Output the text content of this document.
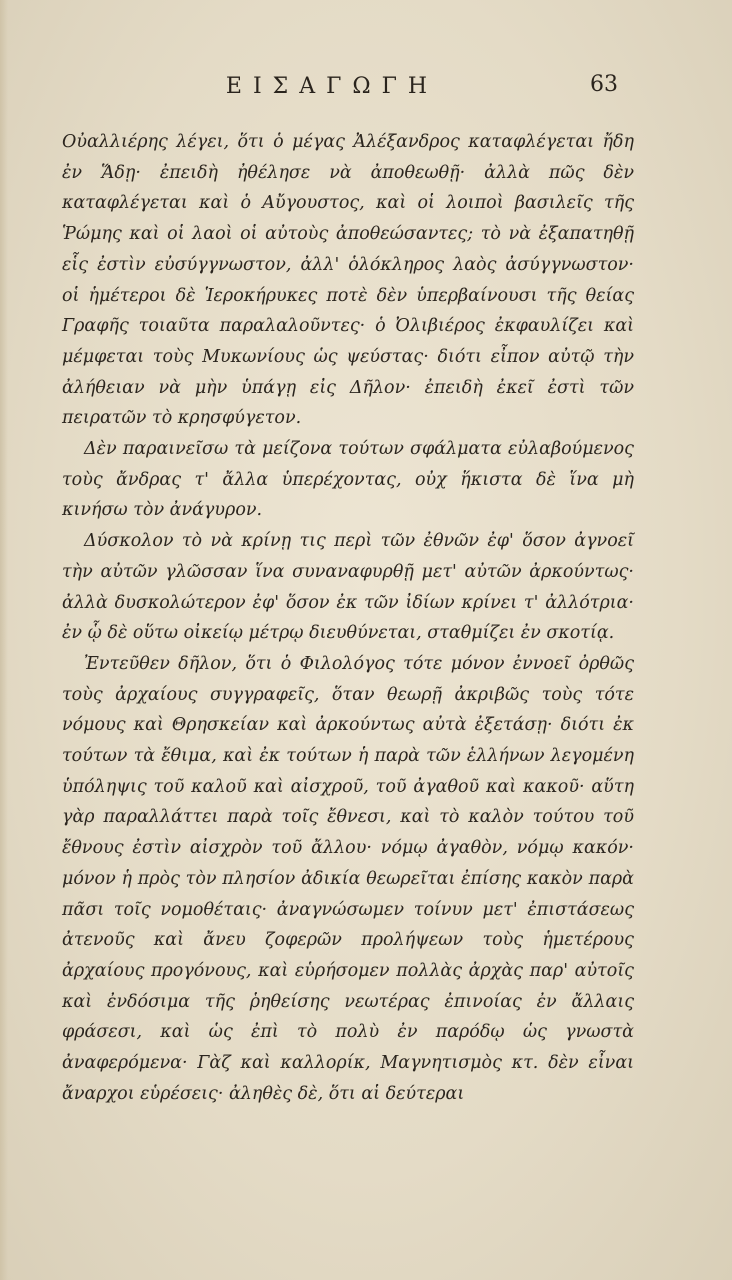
ΕΙΣΑΓΩΓΗ	63

Οὐαλλιέρης λέγει, ὅτι ὁ μέγας Ἀλέξανδρος καταφλέγεται ἤδη ἐν Ἅδῃ· ἐπειδὴ ἠθέλησε νὰ ἀποθεωθῇ· ἀλλὰ πῶς δὲν καταφλέγεται καὶ ὁ Αὔγουστος, καὶ οἱ λοιποὶ βασιλεῖς τῆς Ῥώμης καὶ οἱ λαοὶ οἱ αὐτοὺς ἀποθεώσαντες; τὸ νὰ ἐξαπατηθῇ εἷς ἐστὶν εὐσύγγνωστον, ἀλλ' ὁλόκληρος λαὸς ἀσύγγνωστον· οἱ ἡμέτεροι δὲ Ἱεροκήρυκες ποτὲ δὲν ὑπερβαίνουσι τῆς θείας Γραφῆς τοιαῦτα παραλαλοῦντες· ὁ Ὀλιβιέρος ἐκφαυλίζει καὶ μέμφεται τοὺς Μυκωνίους ὡς ψεύστας· διότι εἶπον αὐτῷ τὴν ἀλήθειαν νὰ μὴν ὑπάγῃ εἰς Δῆλον· ἐπειδὴ ἐκεῖ ἐστὶ τῶν πειρατῶν τὸ κρησφύγετον.

Δὲν παραινεῖσω τὰ μείζονα τούτων σφάλματα εὐλαβούμενος τοὺς ἄνδρας τ' ἄλλα ὑπερέχοντας, οὐχ ἥκιστα δὲ ἵνα μὴ κινήσω τὸν ἀνάγυρον.

Δύσκολον τὸ νὰ κρίνῃ τις περὶ τῶν ἐθνῶν ἐφ' ὅσον ἀγνοεῖ τὴν αὐτῶν γλῶσσαν ἵνα συναναφυρθῇ μετ' αὐτῶν ἀρκούντως· ἀλλὰ δυσκολώτερον ἐφ' ὅσον ἐκ τῶν ἰδίων κρίνει τ' ἀλλότρια· ἐν ᾧ δὲ οὕτω οἰκείῳ μέτρῳ διευθύνεται, σταθμίζει ἐν σκοτίᾳ.

Ἐντεῦθεν δῆλον, ὅτι ὁ Φιλολόγος τότε μόνον ἐννοεῖ ὀρθῶς τοὺς ἀρχαίους συγγραφεῖς, ὅταν θεωρῇ ἀκριβῶς τοὺς τότε νόμους καὶ Θρησκείαν καὶ ἀρκούντως αὐτὰ ἐξετάσῃ· διότι ἐκ τούτων τὰ ἔθιμα, καὶ ἐκ τούτων ἡ παρὰ τῶν ἑλλήνων λεγομένη ὑπόληψις τοῦ καλοῦ καὶ αἰσχροῦ, τοῦ ἀγαθοῦ καὶ κακοῦ· αὕτη γὰρ παραλλάττει παρὰ τοῖς ἔθνεσι, καὶ τὸ καλὸν τούτου τοῦ ἔθνους ἐστὶν αἰσχρὸν τοῦ ἄλλου· νόμῳ ἀγαθὸν, νόμῳ κακόν· μόνον ἡ πρὸς τὸν πλησίον ἀδικία θεωρεῖται ἐπίσης κακὸν παρὰ πᾶσι τοῖς νομοθέταις· ἀναγνώσωμεν τοίνυν μετ' ἐπιστάσεως ἀτενοῦς καὶ ἄνευ ζοφερῶν προλήψεων τοὺς ἡμετέρους ἀρχαίους προγόνους, καὶ εὑρήσομεν πολλὰς ἀρχὰς παρ' αὐτοῖς καὶ ἐνδόσιμα τῆς ῥηθείσης νεωτέρας ἐπινοίας ἐν ἄλλαις φράσεσι, καὶ ὡς ἐπὶ τὸ πολὺ ἐν παρόδῳ ὡς γνωστὰ ἀναφερόμενα· Γὰζ καὶ καλλορίκ, Μαγνητισμὸς κτ. δὲν εἶναι ἄναρχοι εὑρέσεις· ἀληθὲς δὲ, ὅτι αἱ δεύτεραι
